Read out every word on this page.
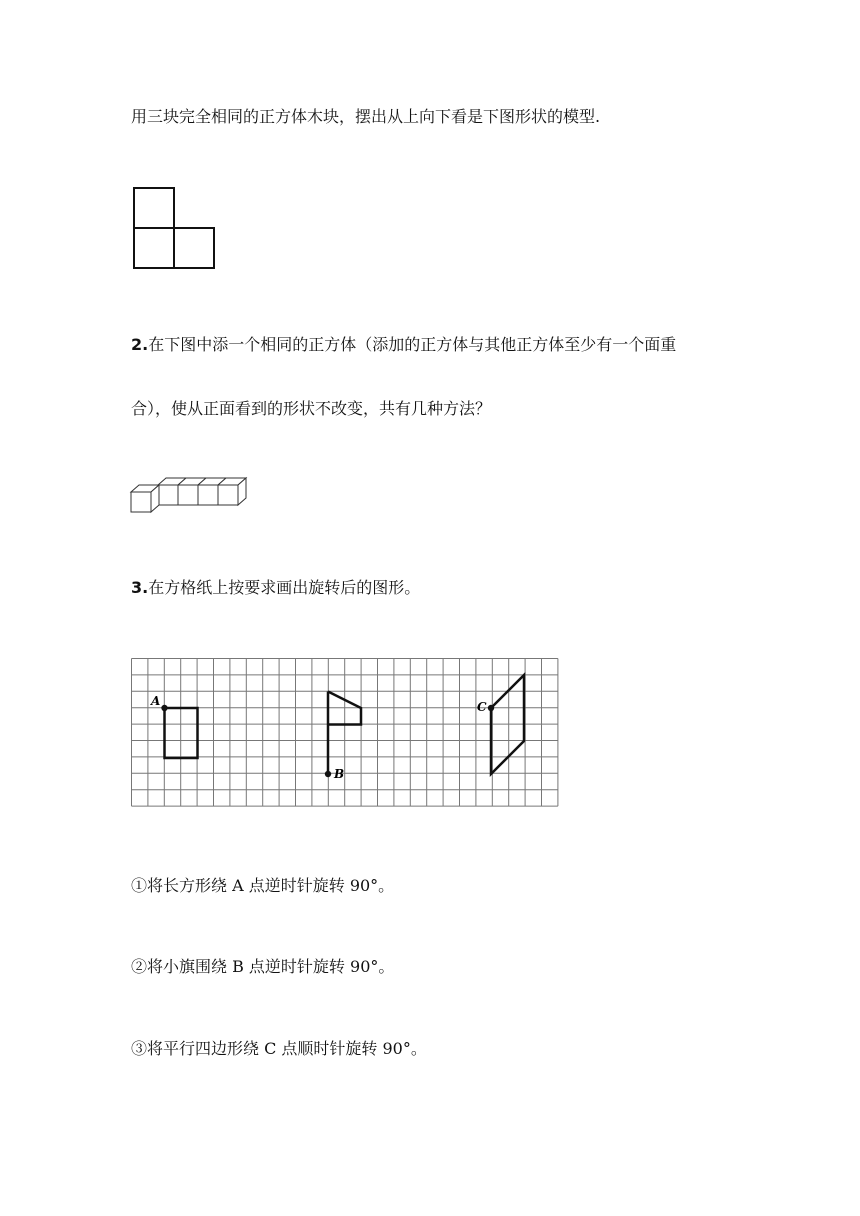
用三块完全相同的正方体木块，摆出从上向下看是下图形状的模型.
2.在下图中添一个相同的正方体（添加的正方体与其他正方体至少有一个面重
合），使从正面看到的形状不改变，共有几种方法？
3.在方格纸上按要求画出旋转后的图形。
A
B
C
①将长方形绕 A 点逆时针旋转 90°。
②将小旗围绕 B 点逆时针旋转 90°。
③将平行四边形绕 C 点顺时针旋转 90°。
